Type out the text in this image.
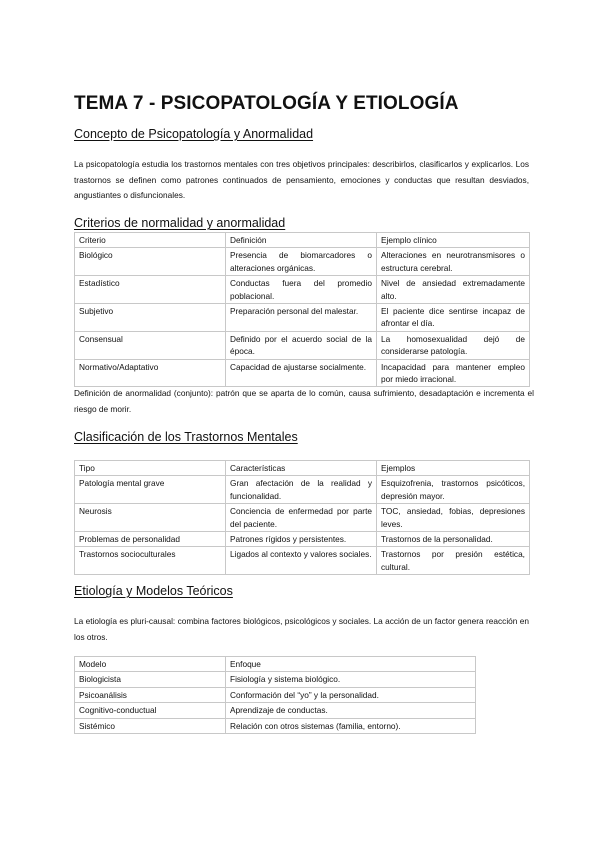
TEMA 7 - PSICOPATOLOGÍA Y ETIOLOGÍA
Concepto de Psicopatología y Anormalidad

La psicopatología estudia los trastornos mentales con tres objetivos principales: describirlos, clasificarlos y explicarlos. Los trastornos se definen como patrones continuados de pensamiento, emociones y conductas que resultan desviados, angustiantes o disfuncionales.

Criterios de normalidad y anormalidad
Criterio	Definición	Ejemplo clínico
Biológico	Presencia de biomarcadores o alteraciones orgánicas.	Alteraciones en neurotransmisores o estructura cerebral.
Estadístico	Conductas fuera del promedio poblacional.	Nivel de ansiedad extremadamente alto.
Subjetivo	Preparación personal del malestar.	El paciente dice sentirse incapaz de afrontar el día.
Consensual	Definido por el acuerdo social de la época.	La homosexualidad dejó de considerarse patología.
Normativo/Adaptativo	Capacidad de ajustarse socialmente.	Incapacidad para mantener empleo por miedo irracional.

Definición de anormalidad (conjunto): patrón que se aparta de lo común, causa sufrimiento, desadaptación e incrementa el riesgo de morir.

Clasificación de los Trastornos Mentales
Tipo	Características	Ejemplos
Patología mental grave	Gran afectación de la realidad y funcionalidad.	Esquizofrenia, trastornos psicóticos, depresión mayor.
Neurosis	Conciencia de enfermedad por parte del paciente.	TOC, ansiedad, fobias, depresiones leves.
Problemas de personalidad	Patrones rígidos y persistentes.	Trastornos de la personalidad.
Trastornos socioculturales	Ligados al contexto y valores sociales.	Trastornos por presión estética, cultural.
Etiología y Modelos Teóricos

La etiología es pluri-causal: combina factores biológicos, psicológicos y sociales. La acción de un factor genera reacción en los otros.

Modelo	Enfoque
Biologicista	Fisiología y sistema biológico.
Psicoanálisis	Conformación del “yo” y la personalidad.
Cognitivo-conductual	Aprendizaje de conductas.
Sistémico	Relación con otros sistemas (familia, entorno).
